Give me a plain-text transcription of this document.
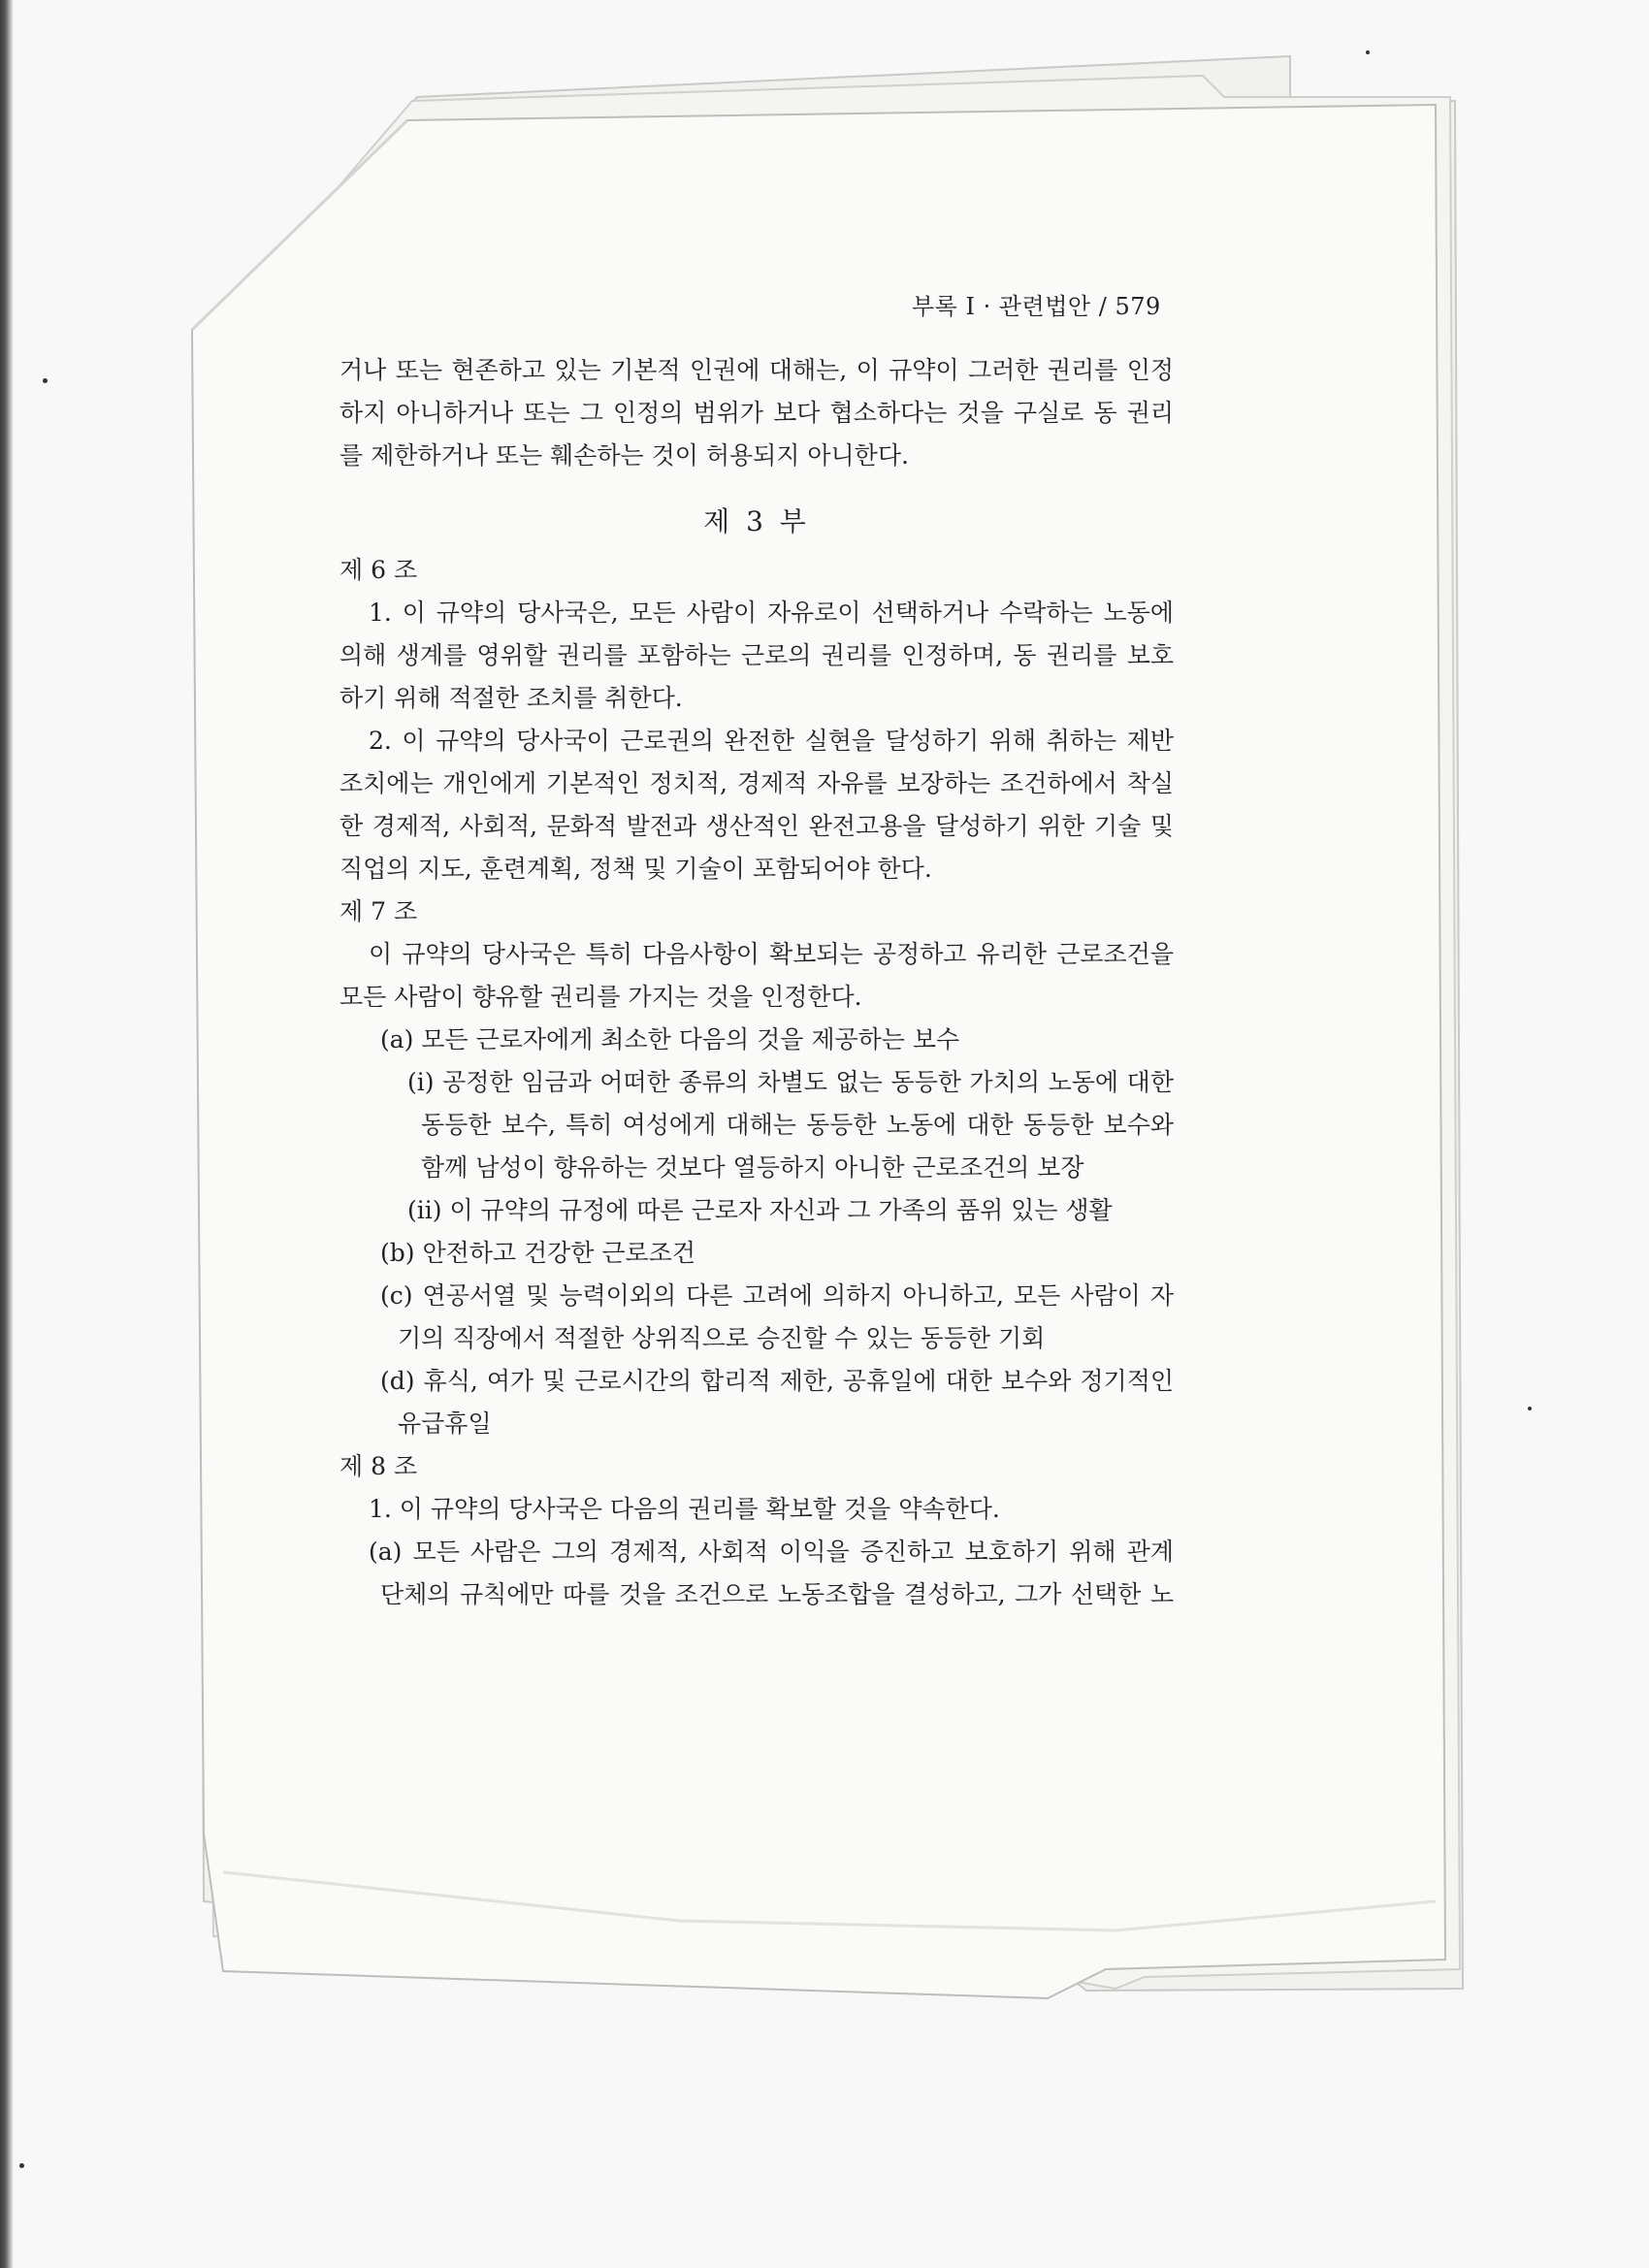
부록 I · 관련법안 / 579
거나 또는 현존하고 있는 기본적 인권에 대해는, 이 규약이 그러한 권리를 인정
하지 아니하거나 또는 그 인정의 범위가 보다 협소하다는 것을 구실로 동 권리
를 제한하거나 또는 훼손하는 것이 허용되지 아니한다.
제 3 부
제 6 조
1. 이 규약의 당사국은, 모든 사람이 자유로이 선택하거나 수락하는 노동에
의해 생계를 영위할 권리를 포함하는 근로의 권리를 인정하며, 동 권리를 보호
하기 위해 적절한 조치를 취한다.
2. 이 규약의 당사국이 근로권의 완전한 실현을 달성하기 위해 취하는 제반
조치에는 개인에게 기본적인 정치적, 경제적 자유를 보장하는 조건하에서 착실
한 경제적, 사회적, 문화적 발전과 생산적인 완전고용을 달성하기 위한 기술 및
직업의 지도, 훈련계획, 정책 및 기술이 포함되어야 한다.
제 7 조
이 규약의 당사국은 특히 다음사항이 확보되는 공정하고 유리한 근로조건을
모든 사람이 향유할 권리를 가지는 것을 인정한다.
(a) 모든 근로자에게 최소한 다음의 것을 제공하는 보수
(i) 공정한 임금과 어떠한 종류의 차별도 없는 동등한 가치의 노동에 대한
동등한 보수, 특히 여성에게 대해는 동등한 노동에 대한 동등한 보수와
함께 남성이 향유하는 것보다 열등하지 아니한 근로조건의 보장
(ii) 이 규약의 규정에 따른 근로자 자신과 그 가족의 품위 있는 생활
(b) 안전하고 건강한 근로조건
(c) 연공서열 및 능력이외의 다른 고려에 의하지 아니하고, 모든 사람이 자
기의 직장에서 적절한 상위직으로 승진할 수 있는 동등한 기회
(d) 휴식, 여가 및 근로시간의 합리적 제한, 공휴일에 대한 보수와 정기적인
유급휴일
제 8 조
1. 이 규약의 당사국은 다음의 권리를 확보할 것을 약속한다.
(a) 모든 사람은 그의 경제적, 사회적 이익을 증진하고 보호하기 위해 관계
단체의 규칙에만 따를 것을 조건으로 노동조합을 결성하고, 그가 선택한 노
